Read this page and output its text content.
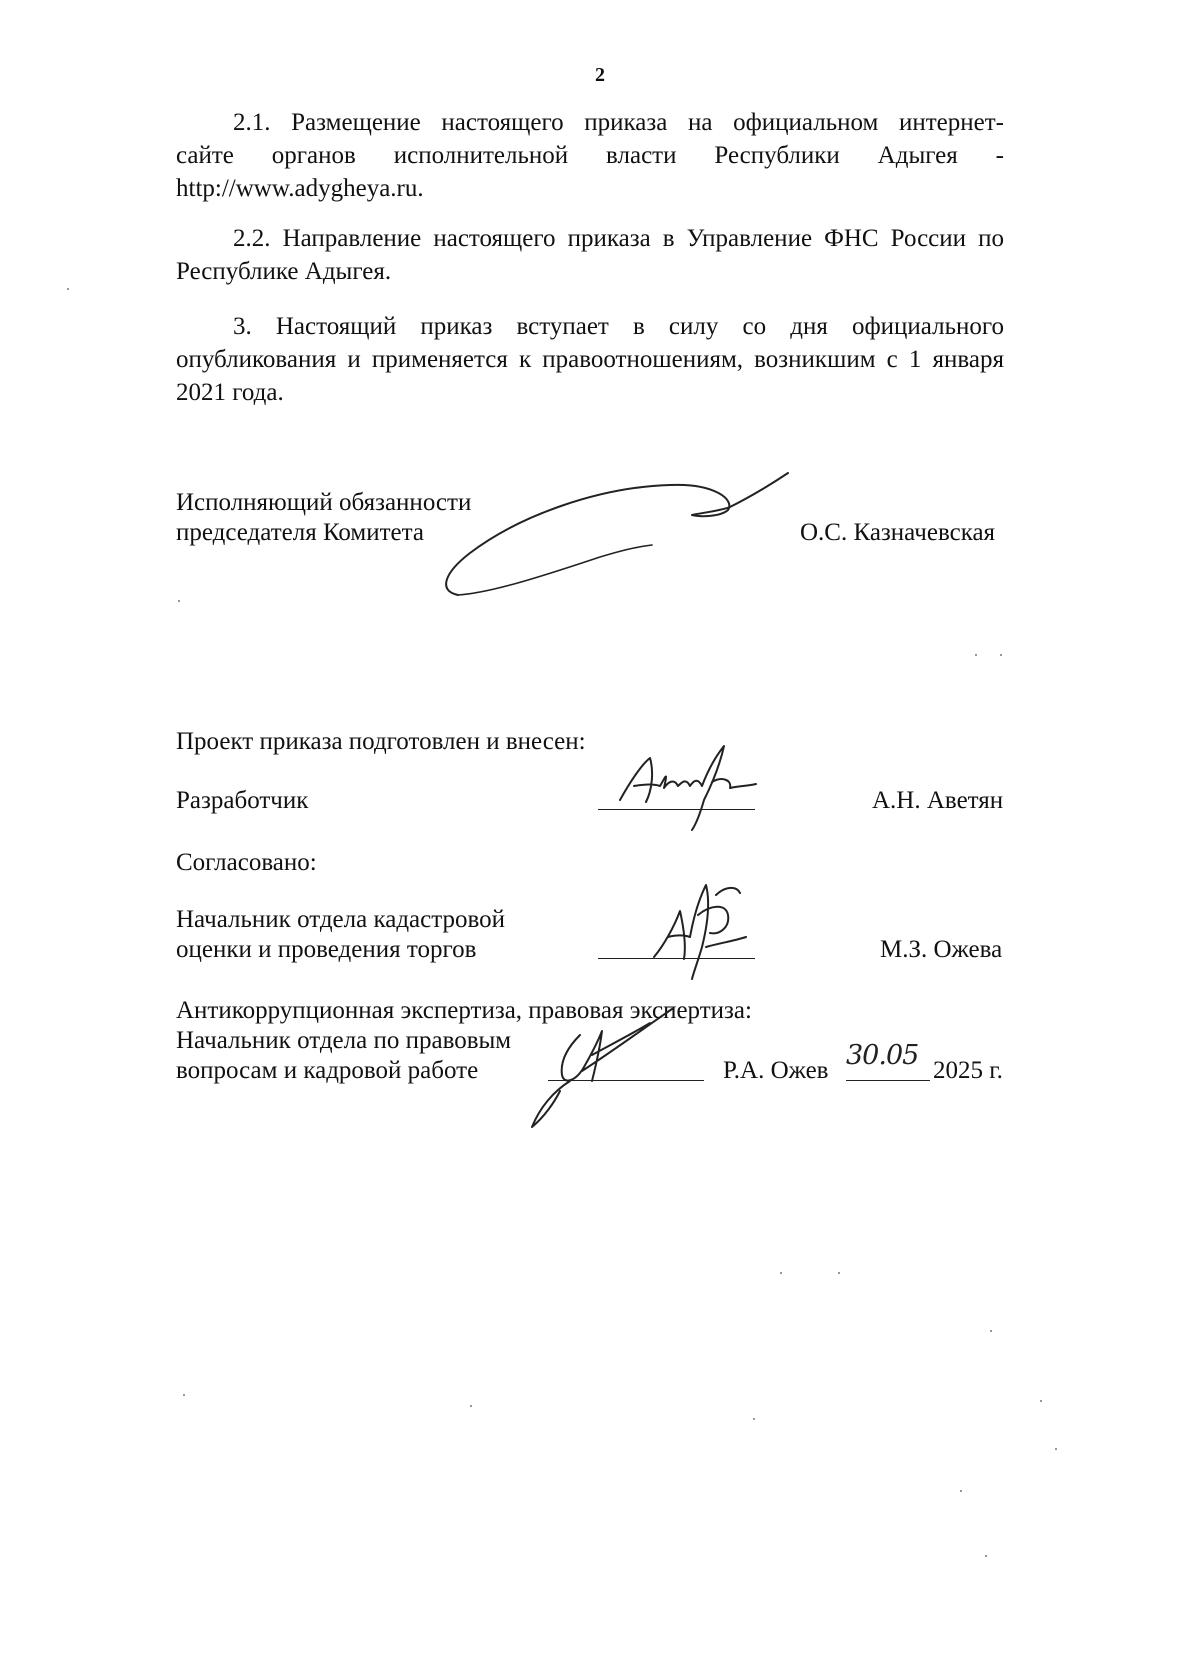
2
2.1. Размещение настоящего приказа на официальном интернет-
сайте органов исполнительной власти Республики Адыгея -
http://www.adygheya.ru.
2.2. Направление настоящего приказа в Управление ФНС России по
Республике Адыгея.
3. Настоящий приказ вступает в силу со дня официального
опубликования и применяется к правоотношениям, возникшим с 1 января
2021 года.
Исполняющий обязанности
председателя Комитета	О.С. Казначевская
Проект приказа подготовлен и внесен:
Разработчик	А.Н. Аветян
Согласовано:
Начальник отдела кадастровой
оценки и проведения торгов	М.З. Ожева
Антикоррупционная экспертиза, правовая экспертиза:
Начальник отдела по правовым
вопросам и кадровой работе	Р.А. Ожев 30.05 2025 г.
